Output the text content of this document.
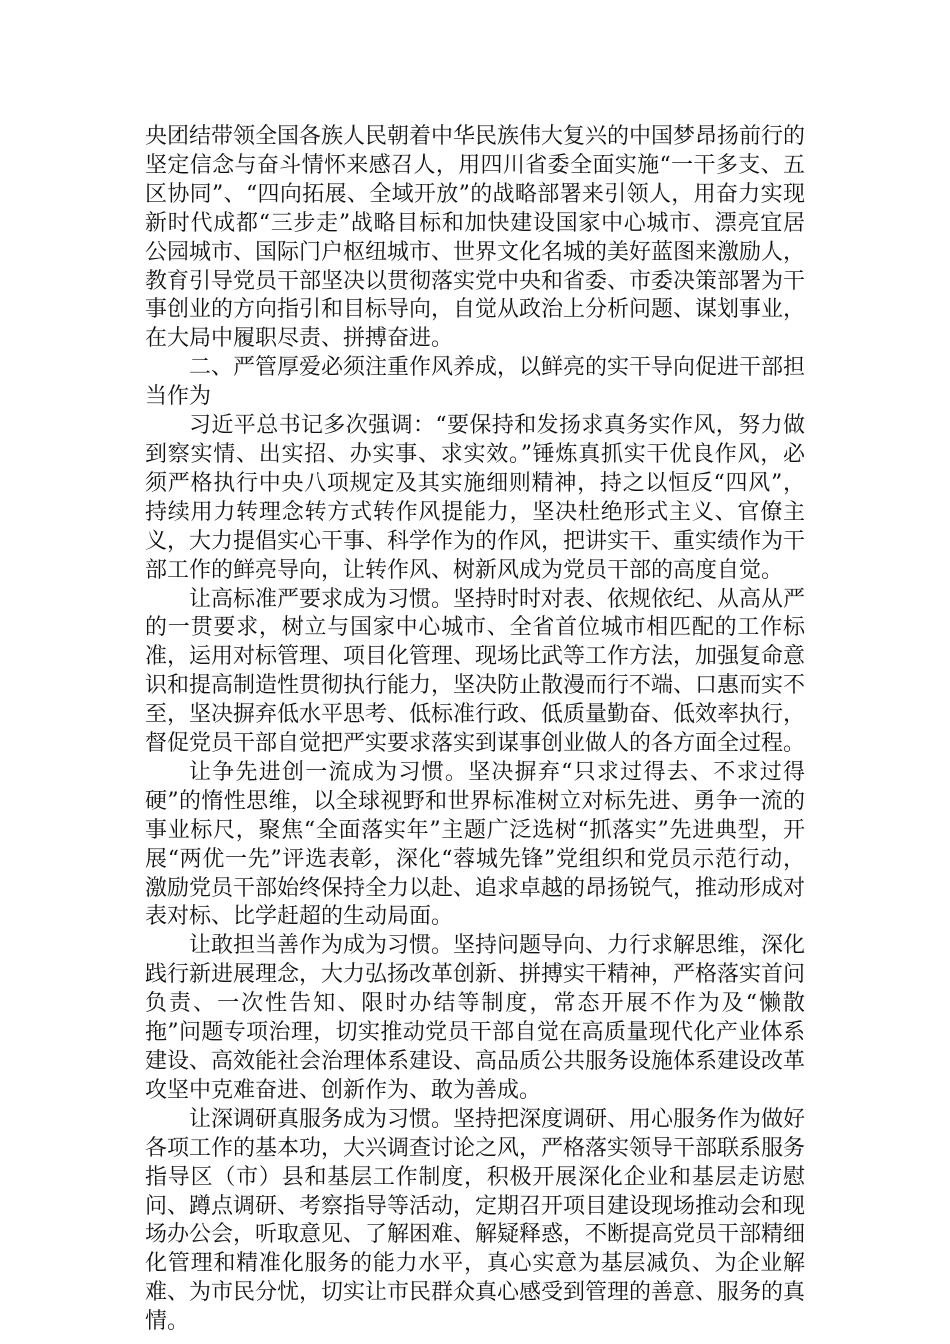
央团结带领全国各族人民朝着中华民族伟大复兴的中国梦昂扬前行的坚定信念与奋斗情怀来感召人，用四川省委全面实施“一干多支、五区协同”、“四向拓展、全域开放”的战略部署来引领人，用奋力实现新时代成都“三步走”战略目标和加快建设国家中心城市、漂亮宜居公园城市、国际门户枢纽城市、世界文化名城的美好蓝图来激励人，教育引导党员干部坚决以贯彻落实党中央和省委、市委决策部署为干事创业的方向指引和目标导向，自觉从政治上分析问题、谋划事业，在大局中履职尽责、拼搏奋进。

二、严管厚爱必须注重作风养成，以鲜亮的实干导向促进干部担当作为

习近平总书记多次强调：“要保持和发扬求真务实作风，努力做到察实情、出实招、办实事、求实效。”锤炼真抓实干优良作风，必须严格执行中央八项规定及其实施细则精神，持之以恒反“四风”，持续用力转理念转方式转作风提能力，坚决杜绝形式主义、官僚主义，大力提倡实心干事、科学作为的作风，把讲实干、重实绩作为干部工作的鲜亮导向，让转作风、树新风成为党员干部的高度自觉。

让高标准严要求成为习惯。坚持时时对表、依规依纪、从高从严的一贯要求，树立与国家中心城市、全省首位城市相匹配的工作标准，运用对标管理、项目化管理、现场比武等工作方法，加强复命意识和提高制造性贯彻执行能力，坚决防止散漫而行不端、口惠而实不至，坚决摒弃低水平思考、低标准行政、低质量勤奋、低效率执行，督促党员干部自觉把严实要求落实到谋事创业做人的各方面全过程。

让争先进创一流成为习惯。坚决摒弃“只求过得去、不求过得硬”的惰性思维，以全球视野和世界标准树立对标先进、勇争一流的事业标尺，聚焦“全面落实年”主题广泛选树“抓落实”先进典型，开展“两优一先”评选表彰，深化“蓉城先锋”党组织和党员示范行动，激励党员干部始终保持全力以赴、追求卓越的昂扬锐气，推动形成对表对标、比学赶超的生动局面。

让敢担当善作为成为习惯。坚持问题导向、力行求解思维，深化践行新进展理念，大力弘扬改革创新、拼搏实干精神，严格落实首问负责、一次性告知、限时办结等制度，常态开展不作为及“懒散拖”问题专项治理，切实推动党员干部自觉在高质量现代化产业体系建设、高效能社会治理体系建设、高品质公共服务设施体系建设改革攻坚中克难奋进、创新作为、敢为善成。

让深调研真服务成为习惯。坚持把深度调研、用心服务作为做好各项工作的基本功，大兴调查讨论之风，严格落实领导干部联系服务指导区（市）县和基层工作制度，积极开展深化企业和基层走访慰问、蹲点调研、考察指导等活动，定期召开项目建设现场推动会和现场办公会，听取意见、了解困难、解疑释惑，不断提高党员干部精细化管理和精准化服务的能力水平，真心实意为基层减负、为企业解难、为市民分忧，切实让市民群众真心感受到管理的善意、服务的真情。
